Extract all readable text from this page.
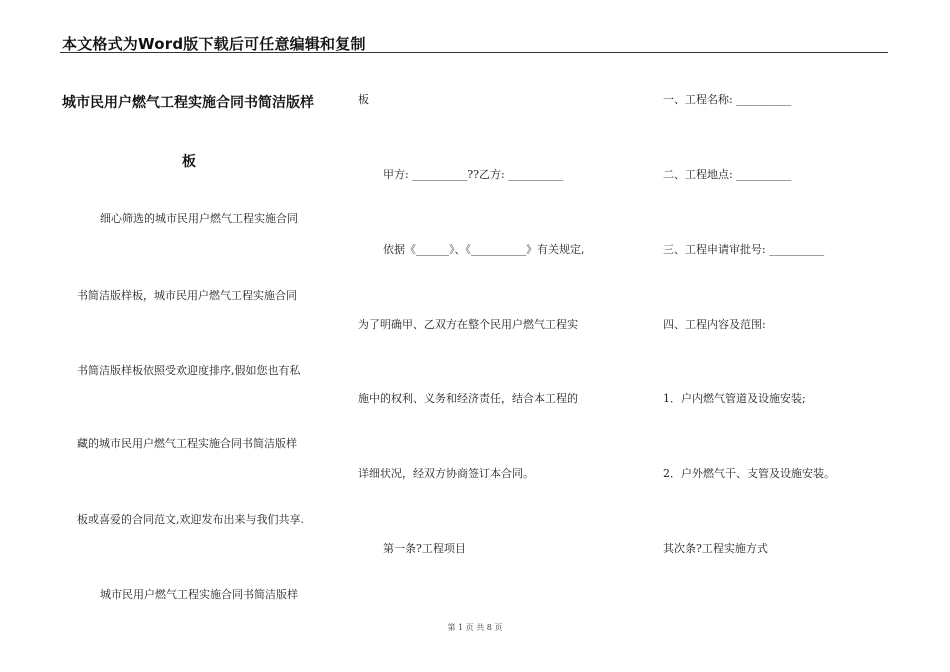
本文格式为Word版下载后可任意编辑和复制
城市民用户燃气工程实施合同书简洁版样
板
细心筛选的城市民用户燃气工程实施合同
书简洁版样板，城市民用户燃气工程实施合同
书简洁版样板依照受欢迎度排序,假如您也有私
藏的城市民用户燃气工程实施合同书简洁版样
板或喜爱的合同范文,欢迎发布出来与我们共享.
城市民用户燃气工程实施合同书简洁版样
板
甲方: __________??乙方: __________
依据《______》、《__________》有关规定,
为了明确甲、乙双方在整个民用户燃气工程实
施中的权利、义务和经济责任，结合本工程的
详细状况，经双方协商签订本合同。
第一条?工程项目
一、工程名称: __________
二、工程地点: __________
三、工程申请审批号: __________
四、工程内容及范围:
1．户内燃气管道及设施安装;
2．户外燃气干、支管及设施安装。
其次条?工程实施方式
第 1 页 共 8 页
